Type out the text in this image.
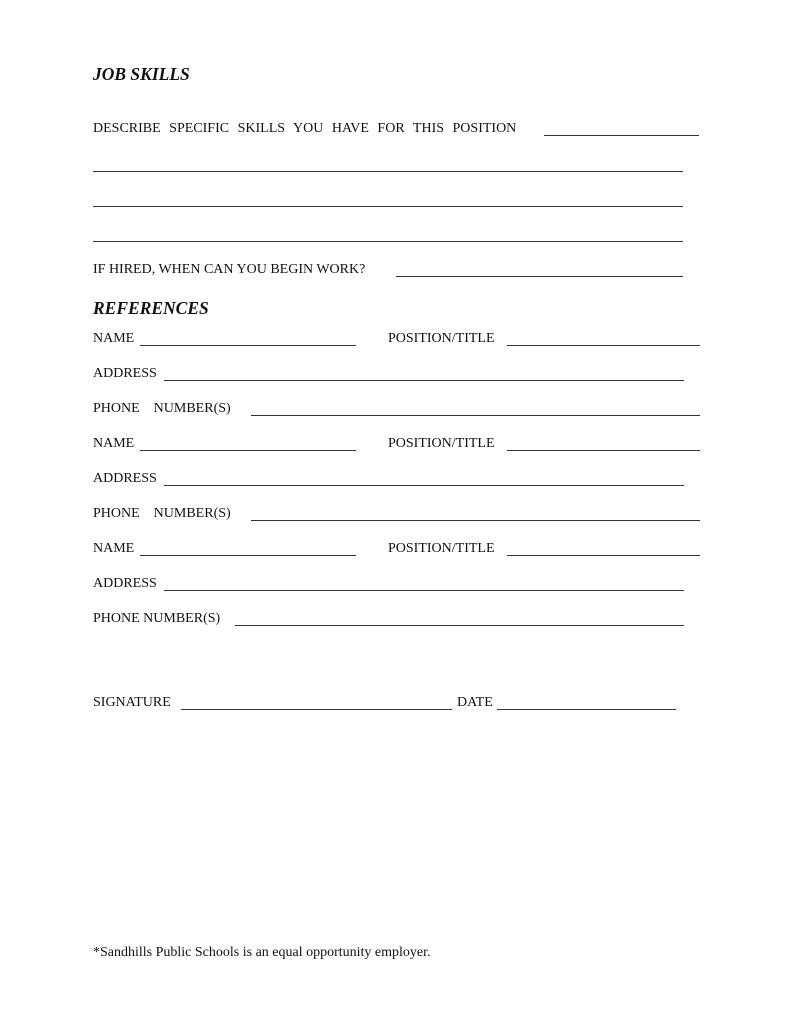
JOB SKILLS
DESCRIBE SPECIFIC SKILLS YOU HAVE FOR THIS POSITION
IF HIRED, WHEN CAN YOU BEGIN WORK?
REFERENCES
NAME	POSITION/TITLE
ADDRESS
PHONE    NUMBER(S)
NAME	POSITION/TITLE
ADDRESS
PHONE    NUMBER(S)
NAME	POSITION/TITLE
ADDRESS
PHONE NUMBER(S)
SIGNATURE	DATE
*Sandhills Public Schools is an equal opportunity employer.
